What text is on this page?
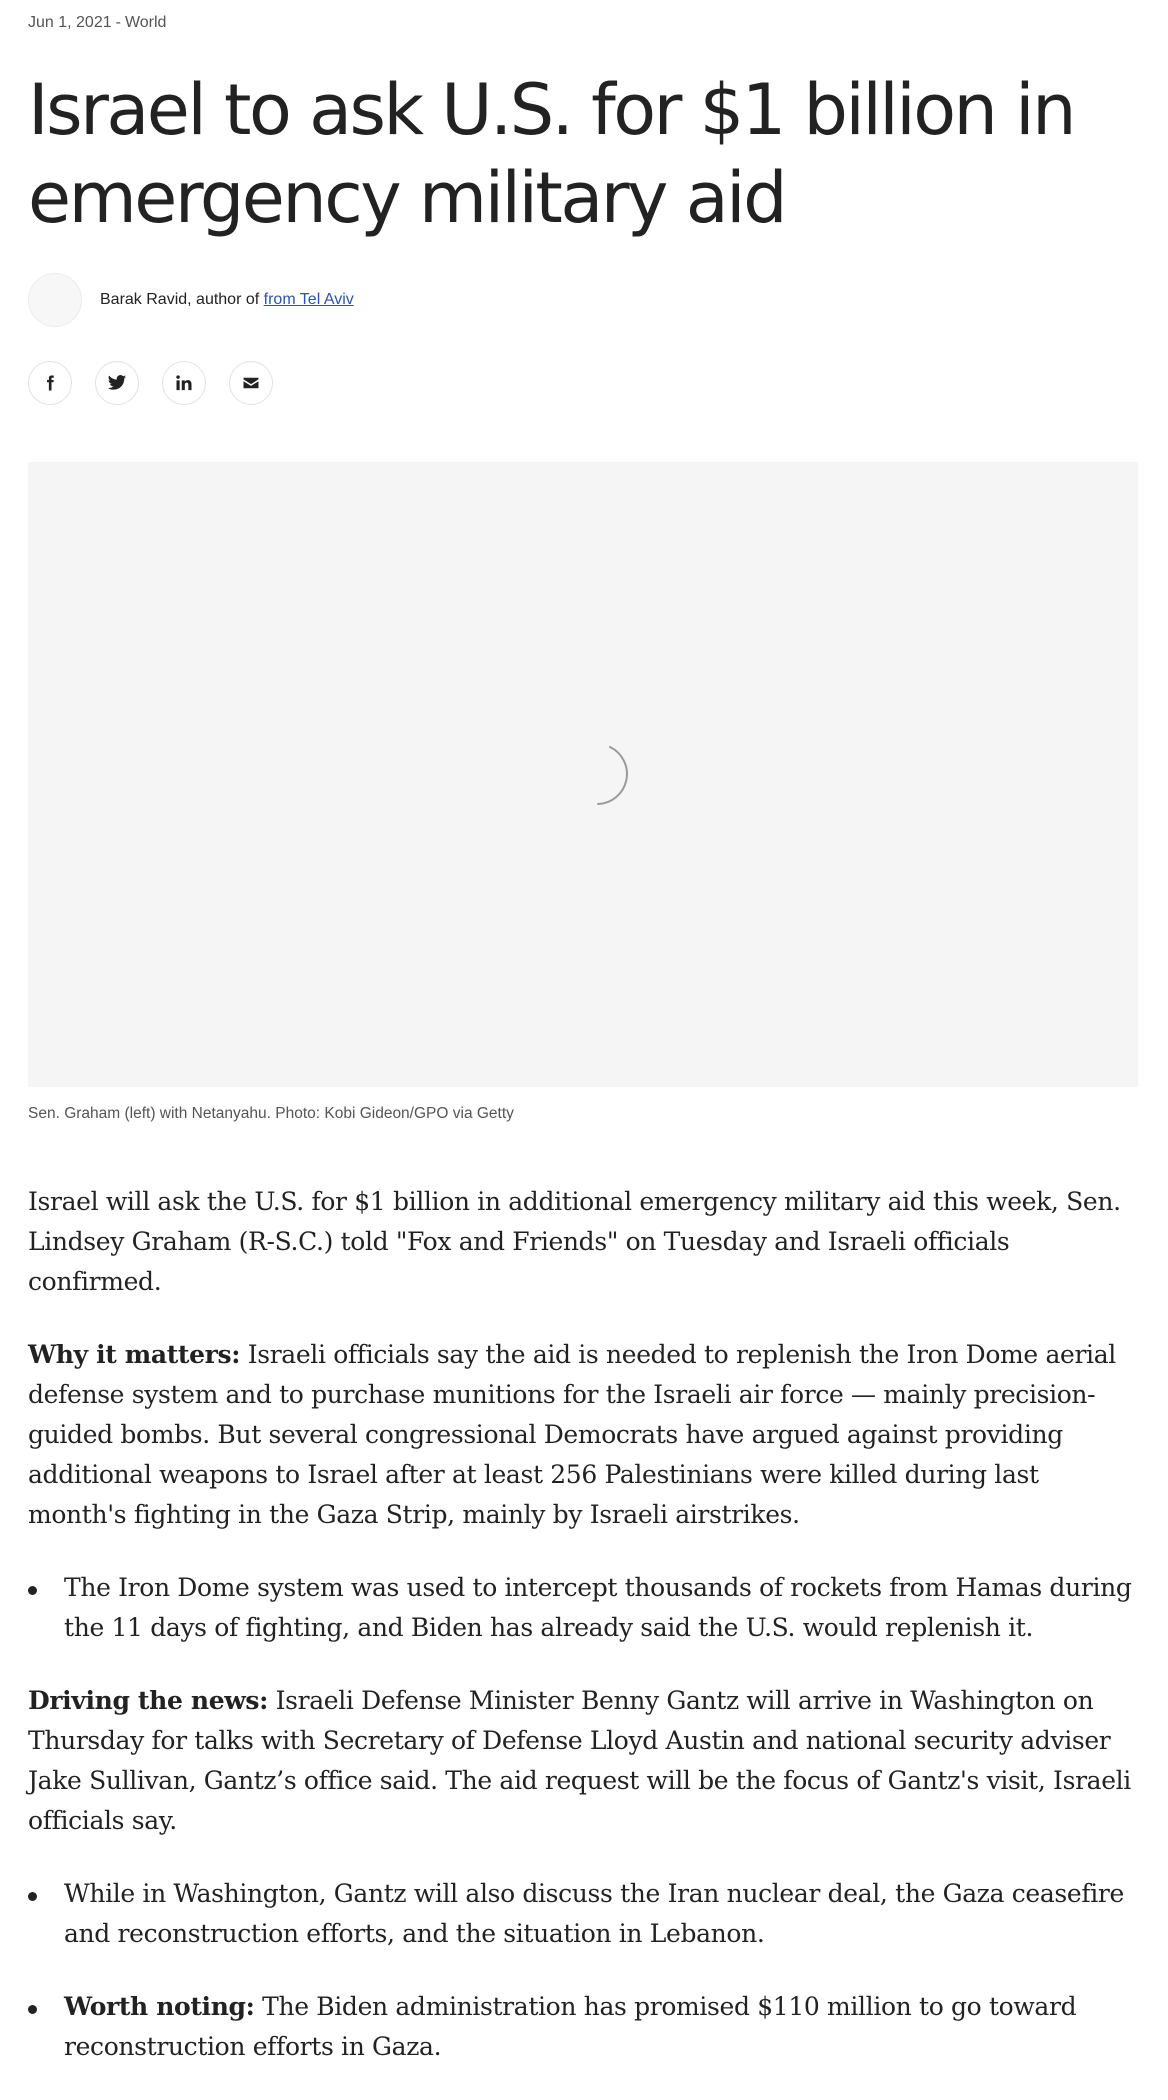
Jun 1, 2021 - World
Israel to ask U.S. for $1 billion in emergency military aid
Barak Ravid, author of from Tel Aviv
Sen. Graham (left) with Netanyahu. Photo: Kobi Gideon/GPO via Getty

Israel will ask the U.S. for $1 billion in additional emergency military aid this week, Sen. Lindsey Graham (R-S.C.) told "Fox and Friends" on Tuesday and Israeli officials confirmed.

Why it matters: Israeli officials say the aid is needed to replenish the Iron Dome aerial defense system and to purchase munitions for the Israeli air force — mainly precision-guided bombs. But several congressional Democrats have argued against providing additional weapons to Israel after at least 256 Palestinians were killed during last month's fighting in the Gaza Strip, mainly by Israeli airstrikes.

The Iron Dome system was used to intercept thousands of rockets from Hamas during the 11 days of fighting, and Biden has already said the U.S. would replenish it.

Driving the news: Israeli Defense Minister Benny Gantz will arrive in Washington on Thursday for talks with Secretary of Defense Lloyd Austin and national security adviser Jake Sullivan, Gantz’s office said. The aid request will be the focus of Gantz's visit, Israeli officials say.

While in Washington, Gantz will also discuss the Iran nuclear deal, the Gaza ceasefire and reconstruction efforts, and the situation in Lebanon.
Worth noting: The Biden administration has promised $110 million to go toward reconstruction efforts in Gaza.
